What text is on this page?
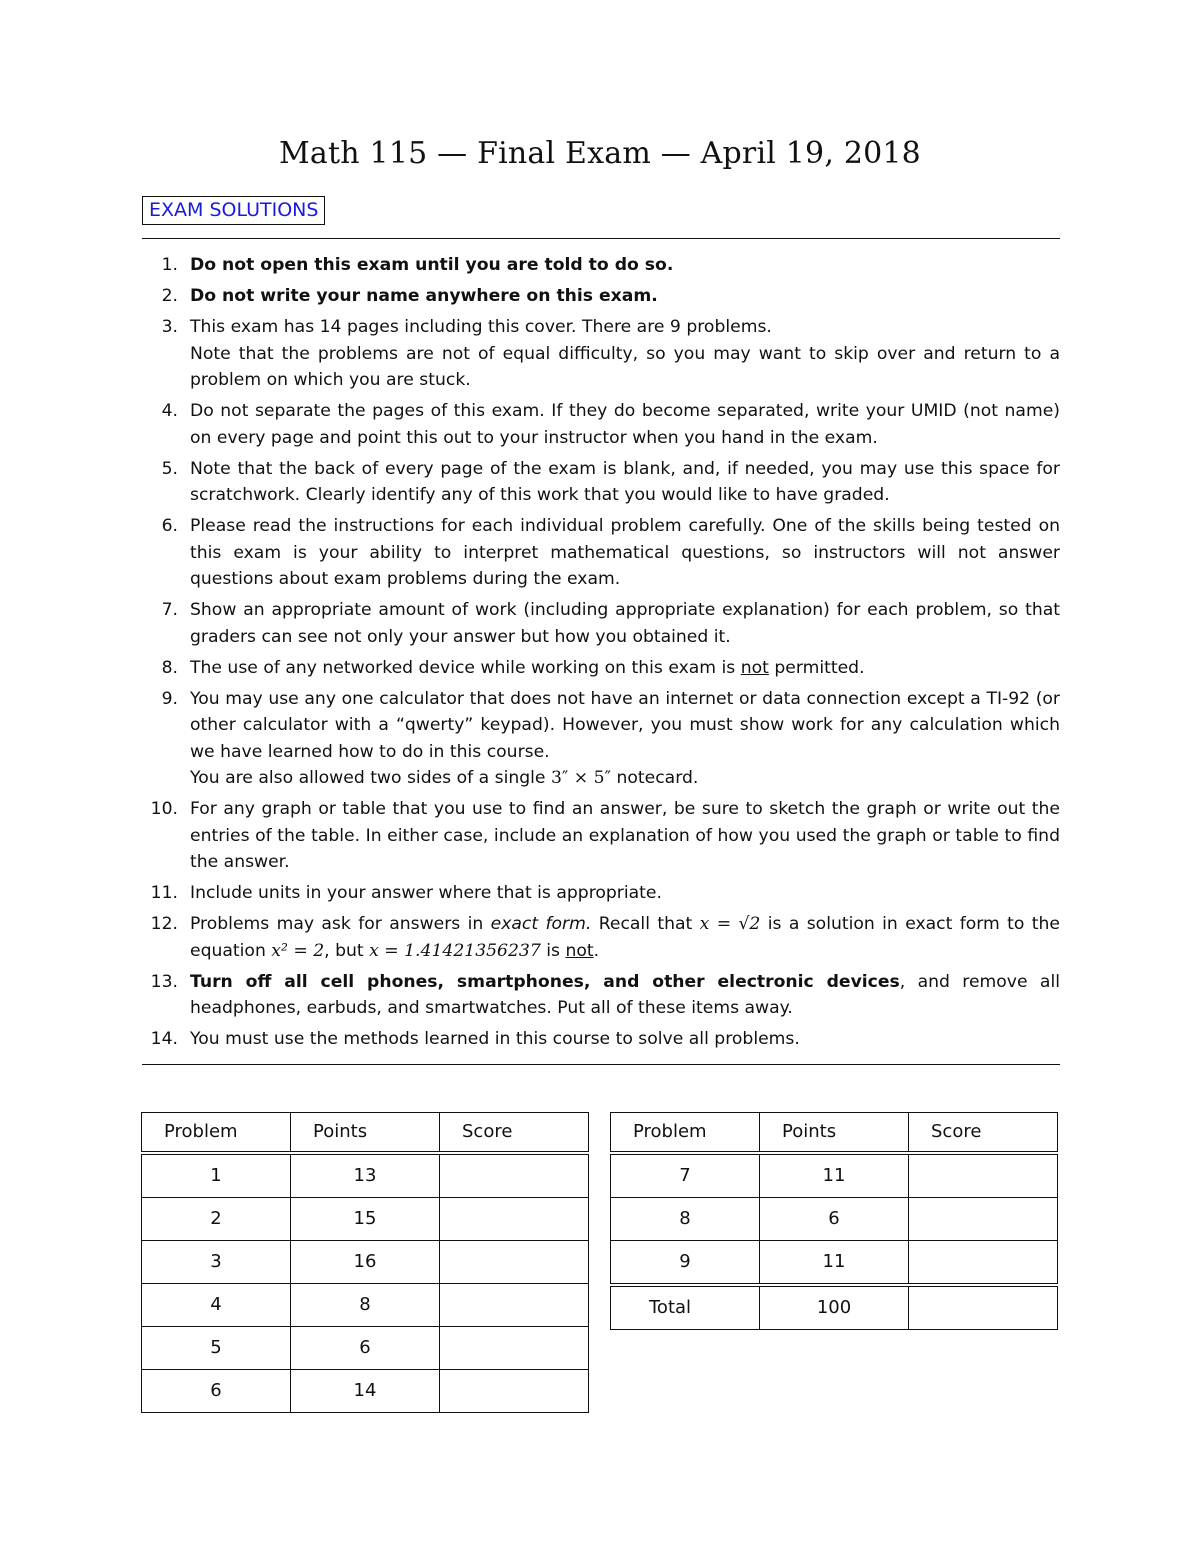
Math 115 — Final Exam — April 19, 2018
EXAM SOLUTIONS
1. Do not open this exam until you are told to do so.
2. Do not write your name anywhere on this exam.
3. This exam has 14 pages including this cover. There are 9 problems.
Note that the problems are not of equal difficulty, so you may want to skip over and return to a problem on which you are stuck.
4. Do not separate the pages of this exam. If they do become separated, write your UMID (not name) on every page and point this out to your instructor when you hand in the exam.
5. Note that the back of every page of the exam is blank, and, if needed, you may use this space for scratchwork. Clearly identify any of this work that you would like to have graded.
6. Please read the instructions for each individual problem carefully. One of the skills being tested on this exam is your ability to interpret mathematical questions, so instructors will not answer questions about exam problems during the exam.
7. Show an appropriate amount of work (including appropriate explanation) for each problem, so that graders can see not only your answer but how you obtained it.
8. The use of any networked device while working on this exam is not permitted.
9. You may use any one calculator that does not have an internet or data connection except a TI-92 (or other calculator with a “qwerty” keypad). However, you must show work for any calculation which we have learned how to do in this course.
You are also allowed two sides of a single 3″ × 5″ notecard.
10. For any graph or table that you use to find an answer, be sure to sketch the graph or write out the entries of the table. In either case, include an explanation of how you used the graph or table to find the answer.
11. Include units in your answer where that is appropriate.
12. Problems may ask for answers in exact form. Recall that x = √2 is a solution in exact form to the equation x² = 2, but x = 1.41421356237 is not.
13. Turn off all cell phones, smartphones, and other electronic devices, and remove all headphones, earbuds, and smartwatches. Put all of these items away.
14. You must use the methods learned in this course to solve all problems.
Problem	Points	Score
1	13	
2	15	
3	16	
4	8	
5	6	
6	14	
Problem	Points	Score
7	11	
8	6	
9	11	
Total	100	
